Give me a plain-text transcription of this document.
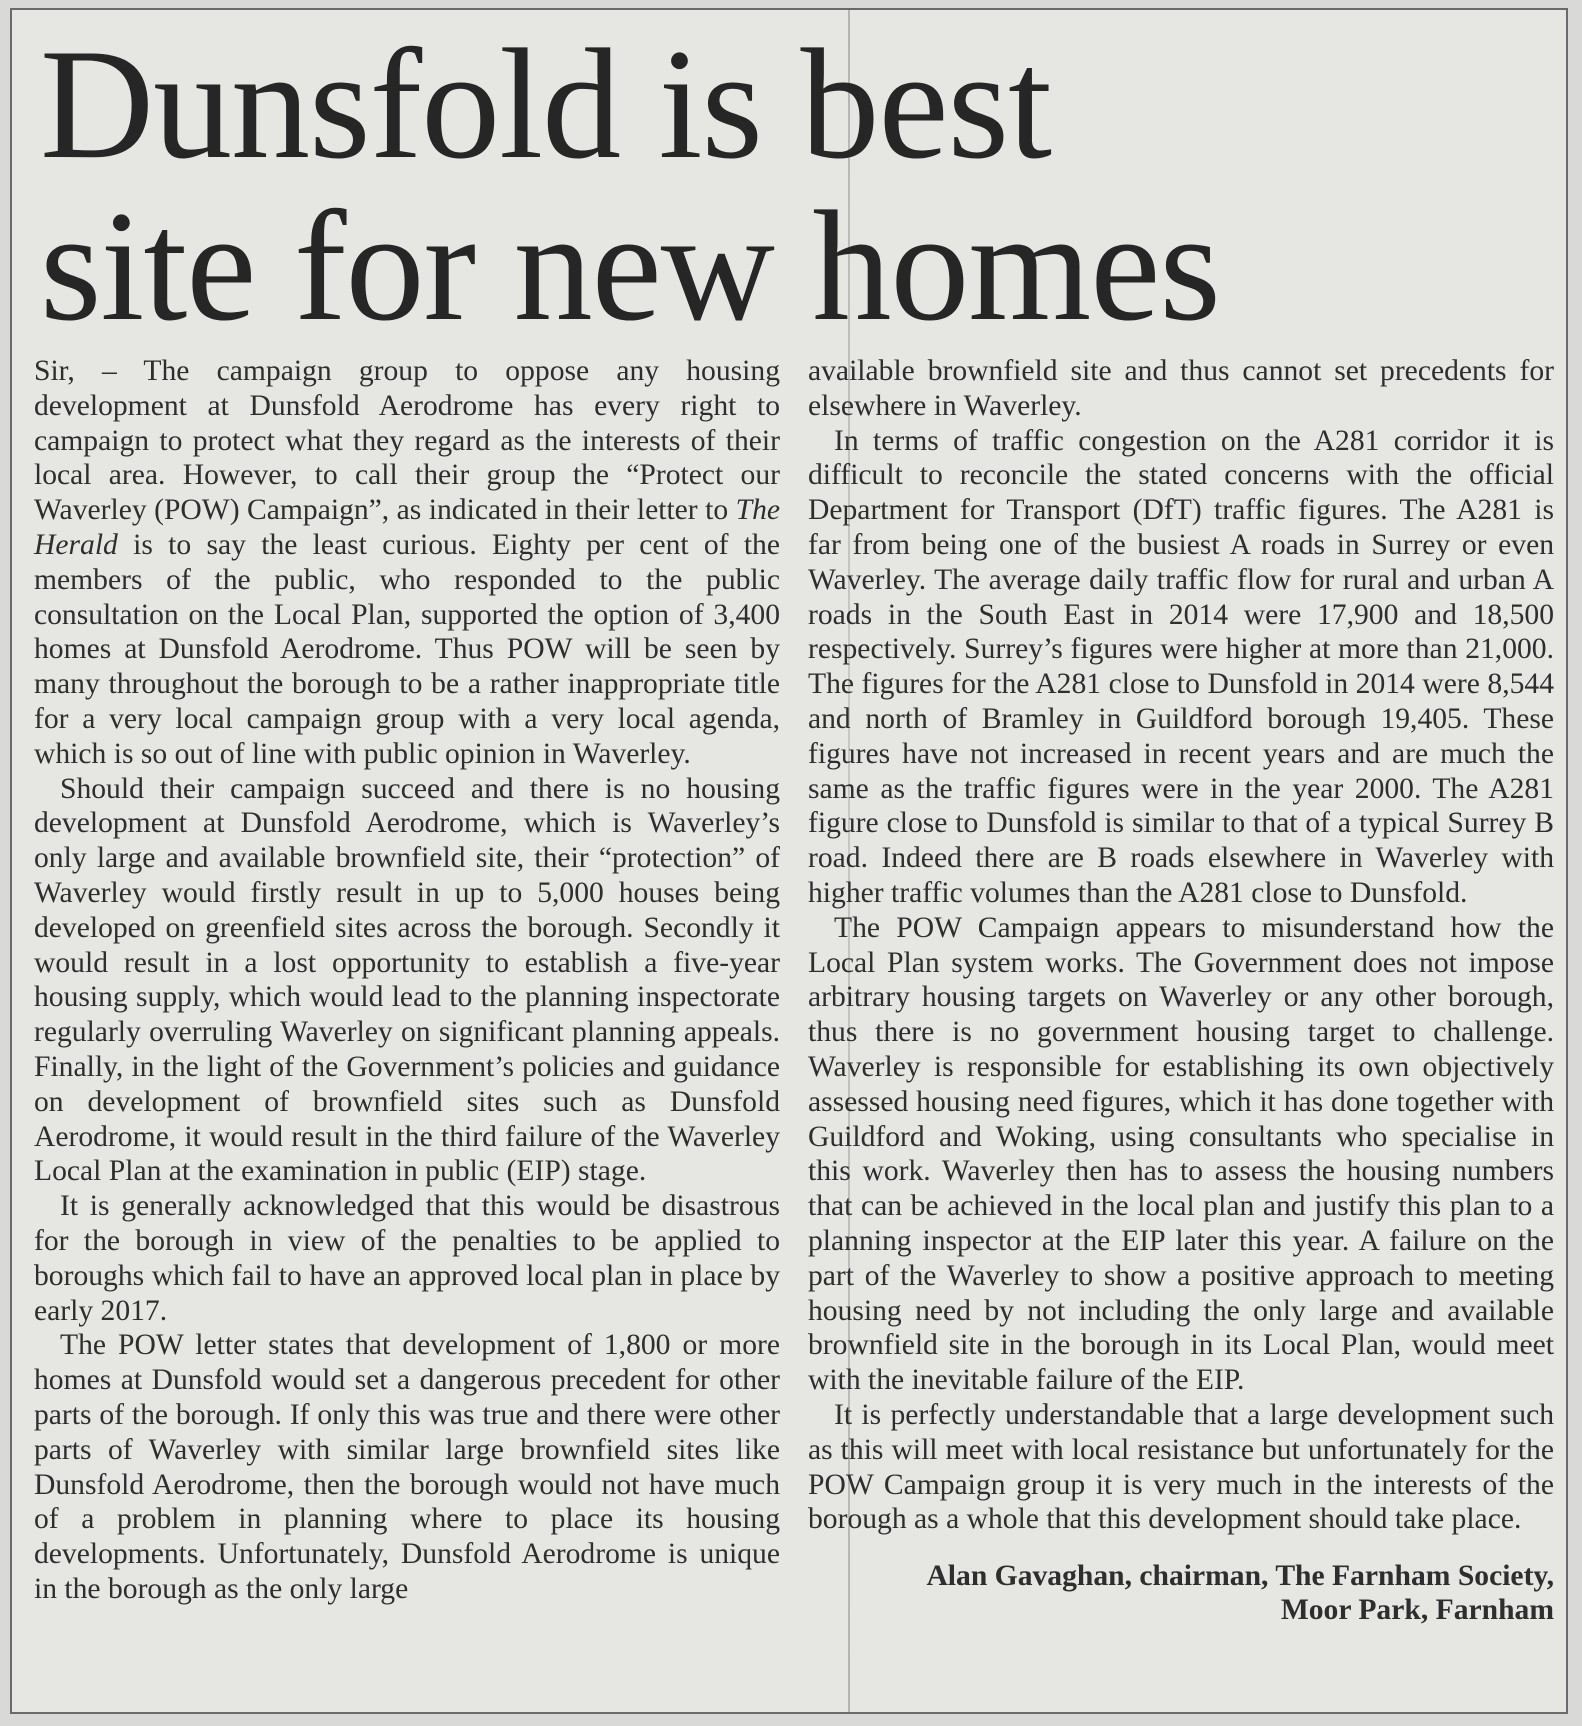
Dunsfold is best
site for new homes

Sir, – The campaign group to oppose any housing development at Dunsfold Aerodrome has every right to campaign to protect what they regard as the interests of their local area. However, to call their group the “Protect our Waverley (POW) Campaign”, as indicated in their letter to The Herald is to say the least curious. Eighty per cent of the members of the public, who responded to the public consultation on the Local Plan, supported the option of 3,400 homes at Dunsfold Aerodrome. Thus POW will be seen by many throughout the borough to be a rather inappropriate title for a very local campaign group with a very local agenda, which is so out of line with public opinion in Waverley.

Should their campaign succeed and there is no housing development at Dunsfold Aerodrome, which is Waverley’s only large and available brownfield site, their “protection” of Waverley would firstly result in up to 5,000 houses being developed on greenfield sites across the borough. Secondly it would result in a lost opportunity to establish a five-year housing supply, which would lead to the planning inspectorate regularly overruling Waverley on significant planning appeals. Finally, in the light of the Government’s policies and guidance on development of brownfield sites such as Dunsfold Aerodrome, it would result in the third failure of the Waverley Local Plan at the examination in public (EIP) stage.

It is generally acknowledged that this would be disastrous for the borough in view of the penalties to be applied to boroughs which fail to have an approved local plan in place by early 2017.

The POW letter states that development of 1,800 or more homes at Dunsfold would set a dangerous precedent for other parts of the borough. If only this was true and there were other parts of Waverley with similar large brownfield sites like Dunsfold Aerodrome, then the borough would not have much of a problem in planning where to place its housing developments. Unfortunately, Dunsfold Aerodrome is unique in the borough as the only large

available brownfield site and thus cannot set precedents for elsewhere in Waverley.

In terms of traffic congestion on the A281 corridor it is difficult to reconcile the stated concerns with the official Department for Transport (DfT) traffic figures. The A281 is far from being one of the busiest A roads in Surrey or even Waverley. The average daily traffic flow for rural and urban A roads in the South East in 2014 were 17,900 and 18,500 respectively. Surrey’s figures were higher at more than 21,000. The figures for the A281 close to Dunsfold in 2014 were 8,544 and north of Bramley in Guildford borough 19,405. These figures have not increased in recent years and are much the same as the traffic figures were in the year 2000. The A281 figure close to Dunsfold is similar to that of a typical Surrey B road. Indeed there are B roads elsewhere in Waverley with higher traffic volumes than the A281 close to Dunsfold.

The POW Campaign appears to misunderstand how the Local Plan system works. The Government does not impose arbitrary housing targets on Waverley or any other borough, thus there is no government housing target to challenge. Waverley is responsible for establishing its own objectively assessed housing need figures, which it has done together with Guildford and Woking, using consultants who specialise in this work. Waverley then has to assess the housing numbers that can be achieved in the local plan and justify this plan to a planning inspector at the EIP later this year. A failure on the part of the Waverley to show a positive approach to meeting housing need by not including the only large and available brownfield site in the borough in its Local Plan, would meet with the inevitable failure of the EIP.

It is perfectly understandable that a large development such as this will meet with local resistance but unfortunately for the POW Campaign group it is very much in the interests of the borough as a whole that this development should take place.

Alan Gavaghan, chairman, The Farnham Society,
Moor Park, Farnham
